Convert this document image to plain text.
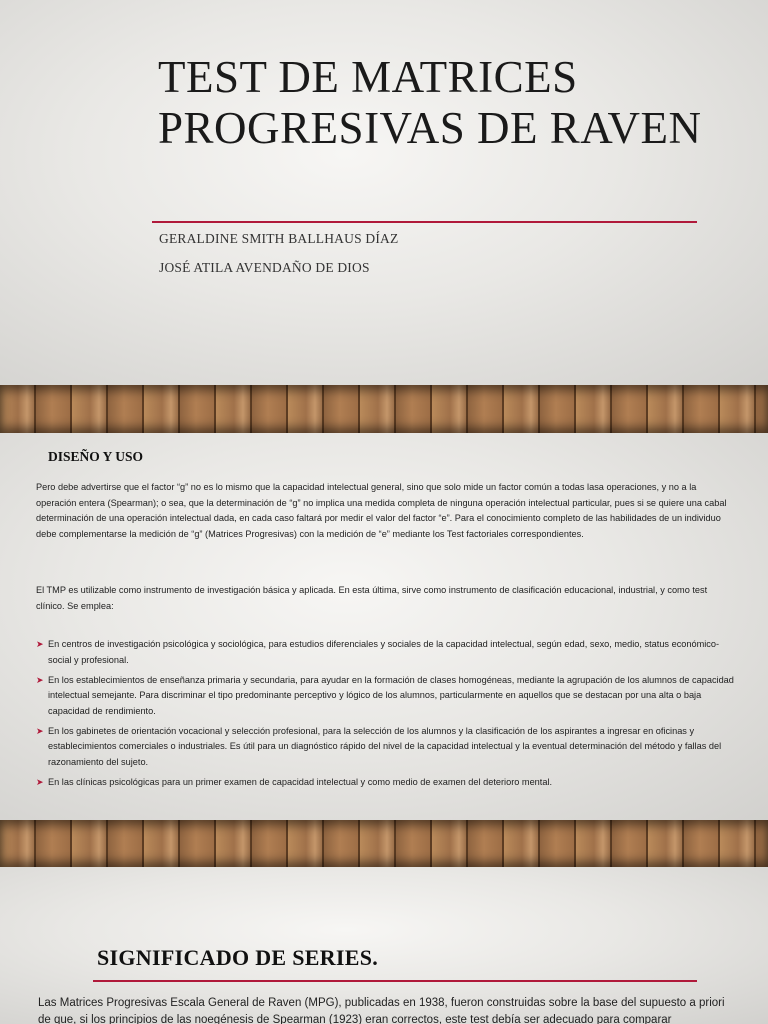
TEST DE MATRICES PROGRESIVAS DE RAVEN

GERALDINE SMITH BALLHAUS DÍAZ

JOSÉ ATILA AVENDAÑO DE DIOS

DISEÑO Y USO

Pero debe advertirse que el factor “g” no es lo mismo que la capacidad intelectual general, sino que solo mide un factor común a todas lasa operaciones, y no a la operación entera (Spearman); o sea, que la determinación de “g” no implica una medida completa de ninguna operación intelectual particular, pues si se quiere una cabal determinación de una operación intelectual dada, en cada caso faltará por medir el valor del factor “e”. Para el conocimiento completo de las habilidades de un individuo debe complementarse la medición de “g” (Matrices Progresivas) con la medición de “e” mediante los Test factoriales correspondientes.

El TMP es utilizable como instrumento de investigación básica y aplicada. En esta última, sirve como instrumento de clasificación educacional, industrial, y como test clínico. Se emplea:

➤ En centros de investigación psicológica y sociológica, para estudios diferenciales y sociales de la capacidad intelectual, según edad, sexo, medio, status económico-social y profesional.
➤ En los establecimientos de enseñanza primaria y secundaria, para ayudar en la formación de clases homogéneas, mediante la agrupación de los alumnos de capacidad intelectual semejante. Para discriminar el tipo predominante perceptivo y lógico de los alumnos, particularmente en aquellos que se destacan por una alta o baja capacidad de rendimiento.
➤ En los gabinetes de orientación vocacional y selección profesional, para la selección de los alumnos y la clasificación de los aspirantes a ingresar en oficinas y establecimientos comerciales o industriales. Es útil para un diagnóstico rápido del nivel de la capacidad intelectual y la eventual determinación del método y fallas del razonamiento del sujeto.
➤ En las clínicas psicológicas para un primer examen de capacidad intelectual y como medio de examen del deterioro mental.
SIGNIFICADO DE SERIES.

Las Matrices Progresivas Escala General de Raven (MPG), publicadas en 1938, fueron construidas sobre la base del supuesto a priori de que, si los principios de las noegénesis de Spearman (1923) eran correctos, este test debía ser adecuado para comparar
